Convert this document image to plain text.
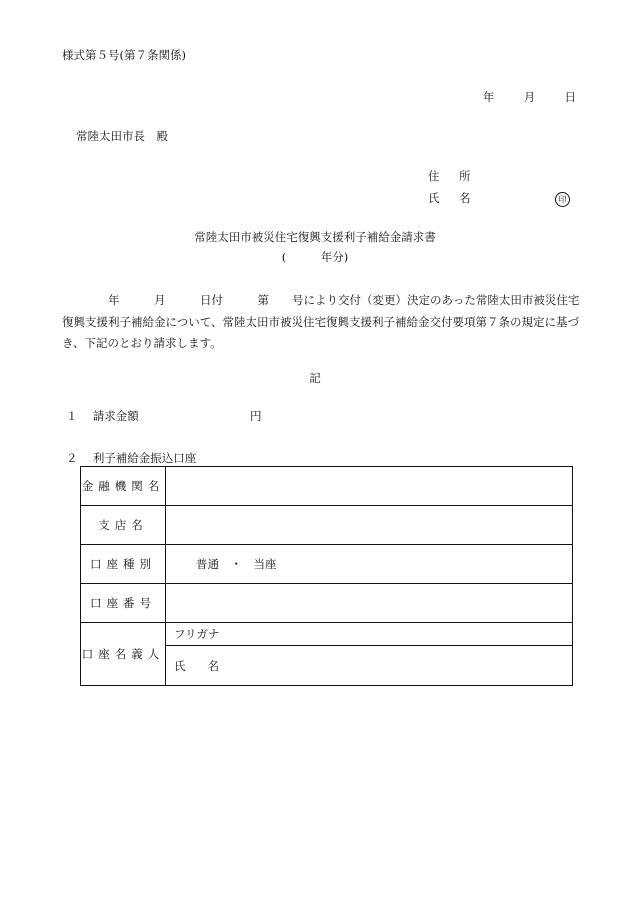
様式第５号(第７条関係)
年	月	日
常陸太田市長　殿
住　所
氏　名	印
常陸太田市被災住宅復興支援利子補給金請求書
(　　　年分)
　　　　年　　　月　　　日付　　　第　　号により交付（変更）決定のあった常陸太田市被災住宅復興支援利子補給金について、常陸太田市被災住宅復興支援利子補給金交付要項第７条の規定に基づき、下記のとおり請求します。
記
１ 請求金額	円
２ 利子補給金振込口座
金融機関名	
支店名	
口座種別	普通　・　当座
口座番号	
口座名義人	フリガナ
	氏名
